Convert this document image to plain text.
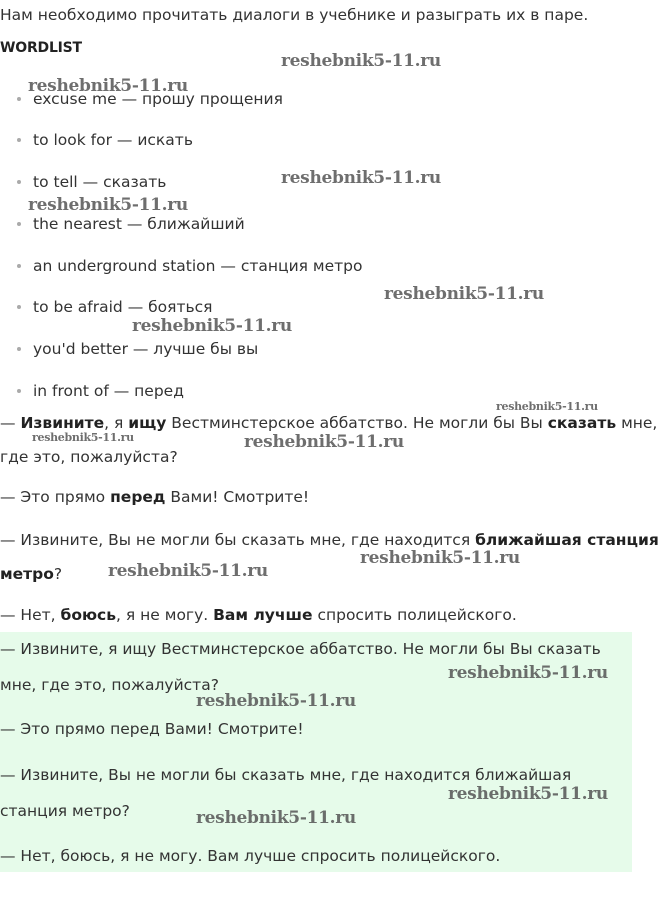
Нам необходимо прочитать диалоги в учебнике и разыграть их в паре.
WORDLIST
excuse me — прошу прощения
to look for — искать
to tell — сказать
the nearest — ближайший
an underground station — станция метро
to be afraid — бояться
you'd better — лучше бы вы
in front of — перед
— Извините, я ищу Вестминстерское аббатство. Не могли бы Вы сказать мне,
где это, пожалуйста?
— Это прямо перед Вами! Смотрите!
— Извините, Вы не могли бы сказать мне, где находится ближайшая станция
метро?
— Нет, боюсь, я не могу. Вам лучше спросить полицейского.
— Извините, я ищу Вестминстерское аббатство. Не могли бы Вы сказать
мне, где это, пожалуйста?
— Это прямо перед Вами! Смотрите!
— Извините, Вы не могли бы сказать мне, где находится ближайшая
станция метро?
— Нет, боюсь, я не могу. Вам лучше спросить полицейского.
reshebnik5-11.ru
reshebnik5-11.ru
reshebnik5-11.ru
reshebnik5-11.ru
reshebnik5-11.ru
reshebnik5-11.ru
reshebnik5-11.ru
reshebnik5-11.ru	reshebnik5-11.ru
reshebnik5-11.ru
reshebnik5-11.ru
reshebnik5-11.ru
reshebnik5-11.ru
reshebnik5-11.ru
reshebnik5-11.ru
